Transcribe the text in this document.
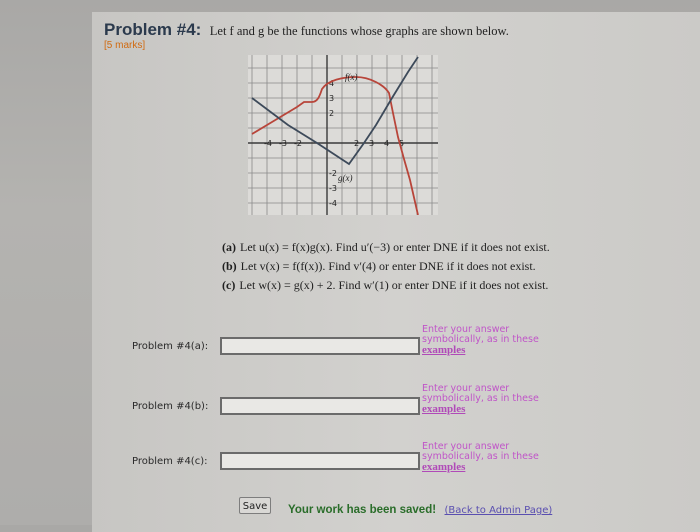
Problem #4: Let f and g be the functions whose graphs are shown below.
[5 marks]
-4 -3 -2	2 3 4 5
4
3
2
-2
-3
-4
f(x)
g(x)
(a) Let u(x) = f(x)g(x). Find u′(−3) or enter DNE if it does not exist.
(b) Let v(x) = f(f(x)). Find v′(4) or enter DNE if it does not exist.
(c) Let w(x) = g(x) + 2. Find w′(1) or enter DNE if it does not exist.
Problem #4(a):
Enter your answer symbolically, as in these
examples
Problem #4(b):
Enter your answer symbolically, as in these
examples
Problem #4(c):
Enter your answer symbolically, as in these
examples
Save	Your work has been saved! (Back to Admin Page)
